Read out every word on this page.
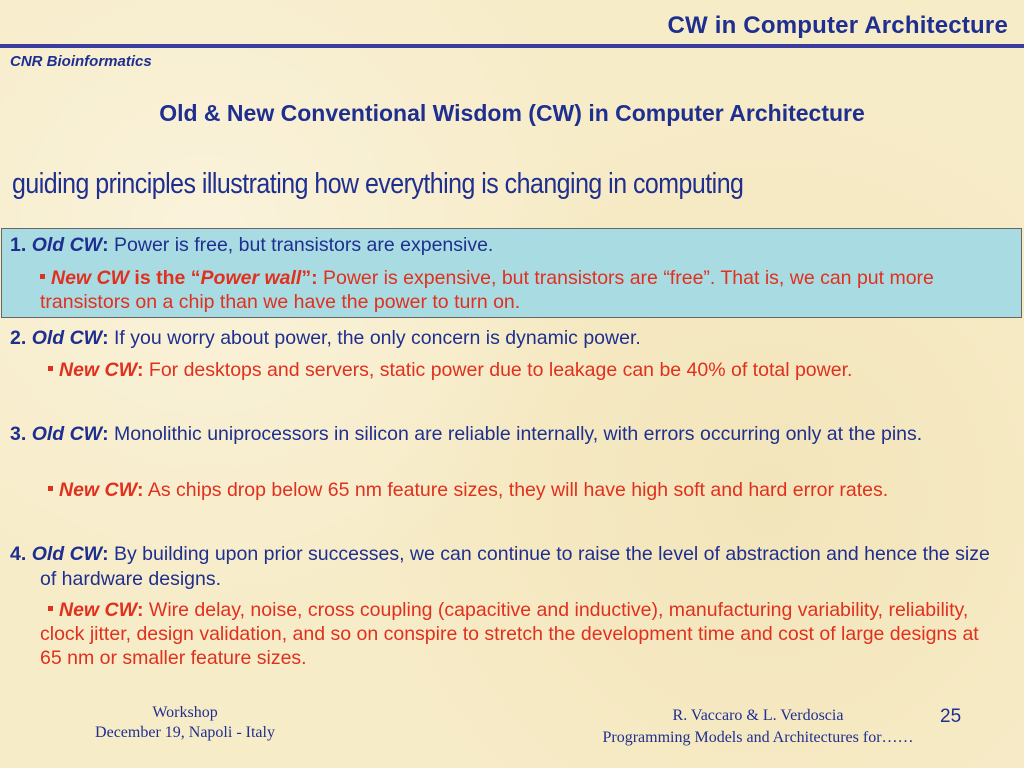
CW in Computer Architecture
CNR Bioinformatics
Old & New Conventional Wisdom (CW) in Computer Architecture
guiding principles illustrating how everything is changing in computing
1. Old CW: Power is free, but transistors are expensive.
New CW is the “Power wall”: Power is expensive, but transistors are “free”. That is, we can put more transistors on a chip than we have the power to turn on.
2. Old CW: If you worry about power, the only concern is dynamic power.
New CW: For desktops and servers, static power due to leakage can be 40% of total power.
3. Old CW: Monolithic uniprocessors in silicon are reliable internally, with errors occurring only at the pins.
New CW: As chips drop below 65 nm feature sizes, they will have high soft and hard error rates.
4. Old CW: By building upon prior successes, we can continue to raise the level of abstraction and hence the size of hardware designs.
New CW: Wire delay, noise, cross coupling (capacitive and inductive), manufacturing variability, reliability, clock jitter, design validation, and so on conspire to stretch the development time and cost of large designs at 65 nm or smaller feature sizes.
Workshop
December 19, Napoli - Italy
R. Vaccaro & L. Verdoscia
Programming Models and Architectures for……
25
